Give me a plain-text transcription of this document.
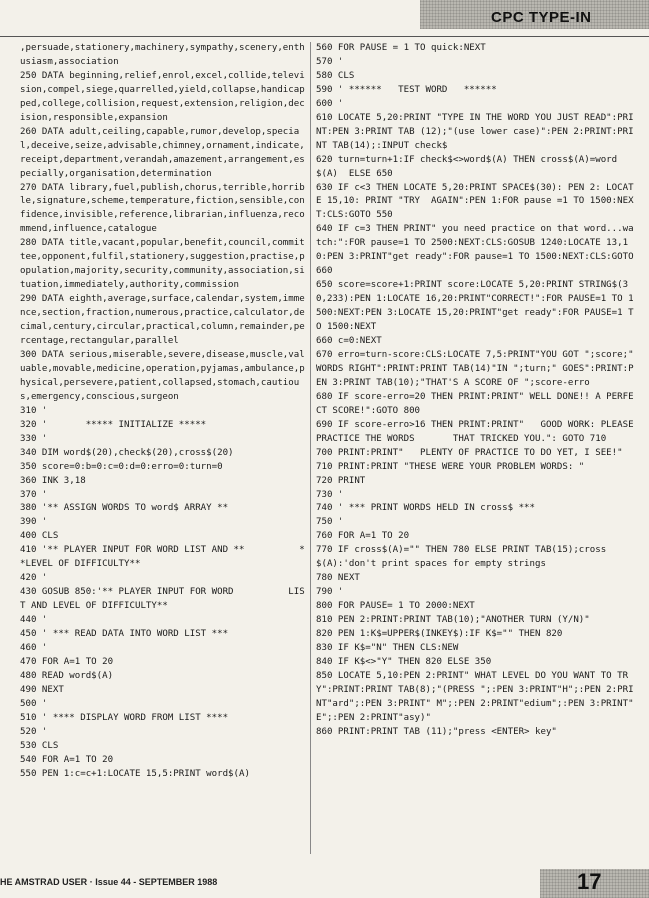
CPC TYPE-IN
,persuade,stationery,machinery,sympathy,scenery,enthusiasm,association
250 DATA beginning,relief,enrol,excel,collide,television,compel,siege,quarrelled,yield,collapse,handicapped,college,collision,request,extension,religion,decision,responsible,expansion
260 DATA adult,ceiling,capable,rumor,develop,special,deceive,seize,advisable,chimney,ornament,indicate,receipt,department,verandah,amazement,arrangement,especially,organisation,determination
270 DATA library,fuel,publish,chorus,terrible,horrible,signature,scheme,temperature,fiction,sensible,confidence,invisible,reference,librarian,influenza,recommend,influence,catalogue
280 DATA title,vacant,popular,benefit,council,committee,opponent,fulfil,stationery,suggestion,practise,population,majority,security,community,association,situation,immediately,authority,commission
290 DATA eighth,average,surface,calendar,system,immence,section,fraction,numerous,practice,calculator,decimal,century,circular,practical,column,remainder,percentage,rectangular,parallel
300 DATA serious,miserable,severe,disease,muscle,valuable,movable,medicine,operation,pyjamas,ambulance,physical,persevere,patient,collapsed,stomach,cautious,emergency,conscious,surgeon
310 '
320 '       ***** INITIALIZE *****
330 '
340 DIM word$(20),check$(20),cross$(20)
350 score=0:b=0:c=0:d=0:erro=0:turn=0
360 INK 3,18
370 '
380 '** ASSIGN WORDS TO word$ ARRAY **
390 '
400 CLS
410 '** PLAYER INPUT FOR WORD LIST AND **          **LEVEL OF DIFFICULTY**
420 '
430 GOSUB 850:'** PLAYER INPUT FOR WORD          LIST AND LEVEL OF DIFFICULTY**
440 '
450 ' *** READ DATA INTO WORD LIST ***
460 '
470 FOR A=1 TO 20
480 READ word$(A)
490 NEXT
500 '
510 ' **** DISPLAY WORD FROM LIST ****
520 '
530 CLS
540 FOR A=1 TO 20
550 PEN 1:c=c+1:LOCATE 15,5:PRINT word$(A)
560 FOR PAUSE = 1 TO quick:NEXT
570 '
580 CLS
590 ' ******   TEST WORD   ******
600 '
610 LOCATE 5,20:PRINT "TYPE IN THE WORD YOU JUST READ":PRINT:PEN 3:PRINT TAB (12);"(use lower case)":PEN 2:PRINT:PRINT TAB(14);:INPUT check$
620 turn=turn+1:IF check$<>word$(A) THEN cross$(A)=word$(A)  ELSE 650
630 IF c<3 THEN LOCATE 5,20:PRINT SPACE$(30): PEN 2: LOCATE 15,10: PRINT "TRY  AGAIN":PEN 1:FOR pause =1 TO 1500:NEXT:CLS:GOTO 550
640 IF c=3 THEN PRINT" you need practice on that word...watch:":FOR pause=1 TO 2500:NEXT:CLS:GOSUB 1240:LOCATE 13,10:PEN 3:PRINT"get ready":FOR pause=1 TO 1500:NEXT:CLS:GOTO 660
650 score=score+1:PRINT score:LOCATE 5,20:PRINT STRING$(30,233):PEN 1:LOCATE 16,20:PRINT"CORRECT!":FOR PAUSE=1 TO 1500:NEXT:PEN 3:LOCATE 15,20:PRINT"get ready":FOR PAUSE=1 TO 1500:NEXT
660 c=0:NEXT
670 erro=turn-score:CLS:LOCATE 7,5:PRINT"YOU GOT ";score;" WORDS RIGHT":PRINT:PRINT TAB(14)"IN ";turn;" GOES":PRINT:PEN 3:PRINT TAB(10);"THAT'S A SCORE OF ";score-erro
680 IF score-erro=20 THEN PRINT:PRINT" WELL DONE!! A PERFECT SCORE!":GOTO 800
690 IF score-erro>16 THEN PRINT:PRINT"   GOOD WORK: PLEASE PRACTICE THE WORDS       THAT TRICKED YOU.": GOTO 710
700 PRINT:PRINT"   PLENTY OF PRACTICE TO DO YET, I SEE!"
710 PRINT:PRINT "THESE WERE YOUR PROBLEM WORDS: "
720 PRINT
730 '
740 ' *** PRINT WORDS HELD IN cross$ ***
750 '
760 FOR A=1 TO 20
770 IF cross$(A)="" THEN 780 ELSE PRINT TAB(15);cross$(A):'don't print spaces for empty strings
780 NEXT
790 '
800 FOR PAUSE= 1 TO 2000:NEXT
810 PEN 2:PRINT:PRINT TAB(10);"ANOTHER TURN (Y/N)"
820 PEN 1:K$=UPPER$(INKEY$):IF K$="" THEN 820
830 IF K$="N" THEN CLS:NEW
840 IF K$<>"Y" THEN 820 ELSE 350
850 LOCATE 5,10:PEN 2:PRINT" WHAT LEVEL DO YOU WANT TO TRY":PRINT:PRINT TAB(8);"(PRESS ";:PEN 3:PRINT"H";:PEN 2:PRINT"ard";:PEN 3:PRINT" M";:PEN 2:PRINT"edium";:PEN 3:PRINT" E";:PEN 2:PRINT"asy)"
860 PRINT:PRINT TAB (11);"press <ENTER> key"
HE AMSTRAD USER · Issue 44 - SEPTEMBER 1988	17
